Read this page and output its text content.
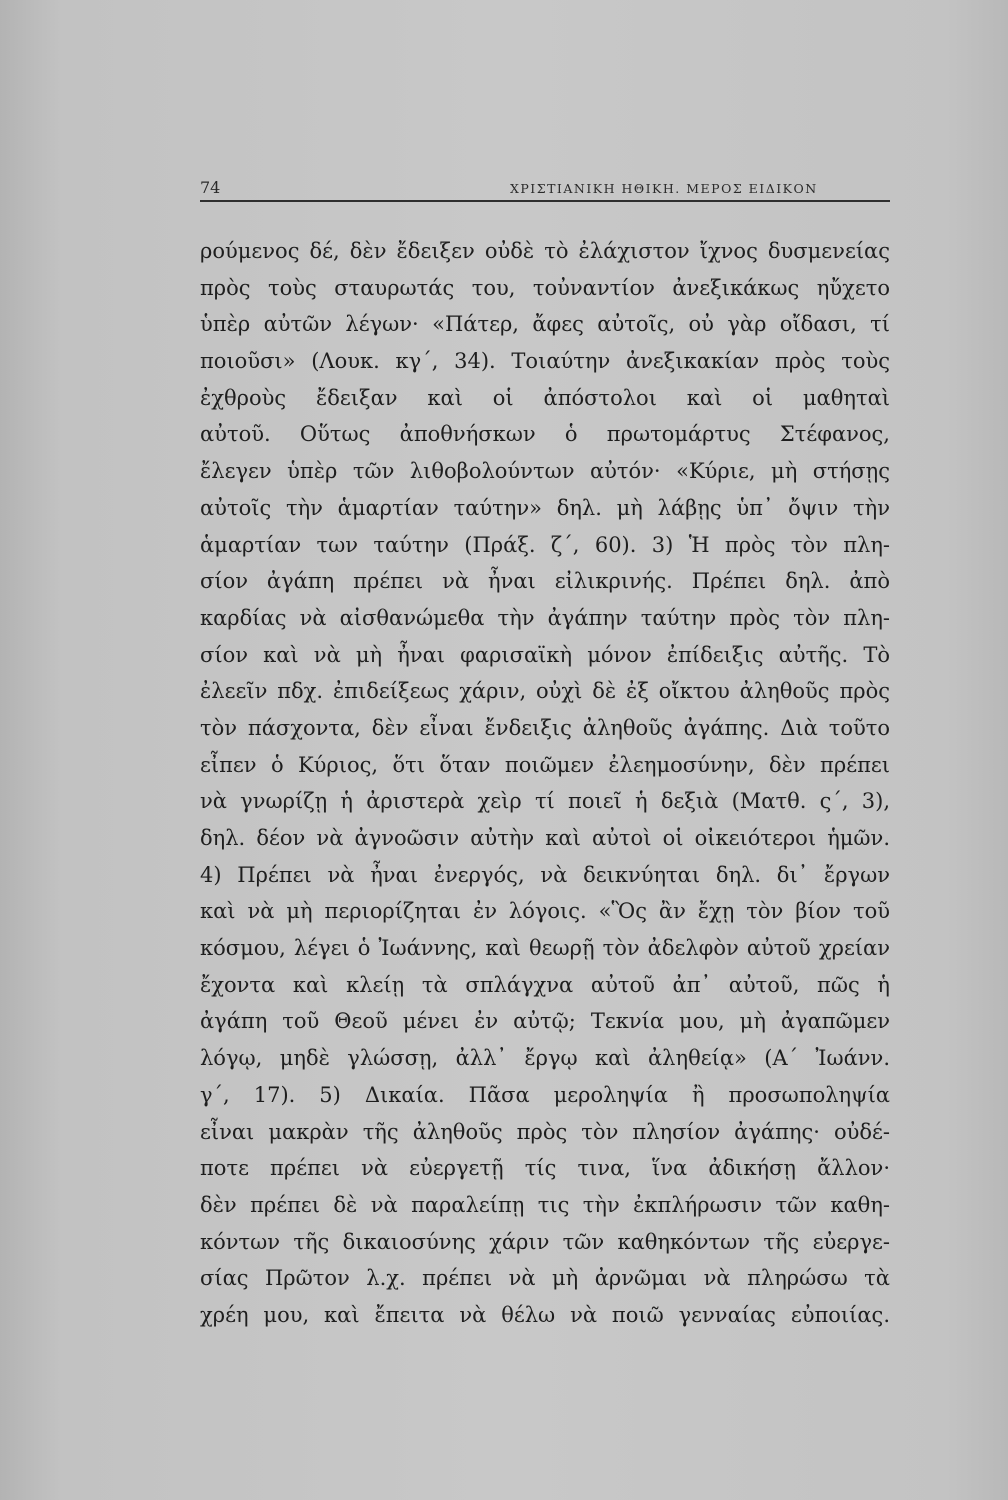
74	ΧΡΙΣΤΙΑΝΙΚΗ ΗΘΙΚΗ. ΜΕΡΟΣ ΕΙΔΙΚΟΝ
ρούμενος δέ, δὲν ἔδειξεν οὐδὲ τὸ ἐλάχιστον ἴχνος δυσμενείας
πρὸς τοὺς σταυρωτάς του, τοὐναντίον ἀνεξικάκως ηὔχετο
ὑπὲρ αὐτῶν λέγων· «Πάτερ, ἄφες αὐτοῖς, οὐ γὰρ οἴδασι, τί
ποιοῦσι» (Λουκ. κγ΄, 34). Τοιαύτην ἀνεξικακίαν πρὸς τοὺς
ἐχθροὺς ἔδειξαν καὶ οἱ ἀπόστολοι καὶ οἱ μαθηταὶ
αὐτοῦ. Οὕτως ἀποθνήσκων ὁ πρωτομάρτυς Στέφανος,
ἔλεγεν ὑπὲρ τῶν λιθοβολούντων αὐτόν· «Κύριε, μὴ στήσῃς
αὐτοῖς τὴν ἁμαρτίαν ταύτην» δηλ. μὴ λάβῃς ὑπ᾽ ὄψιν τὴν
ἁμαρτίαν των ταύτην (Πράξ. ζ΄, 60). 3) Ἡ πρὸς τὸν πλη-
σίον ἀγάπη πρέπει νὰ ἦναι εἰλικρινής. Πρέπει δηλ. ἀπὸ
καρδίας νὰ αἰσθανώμεθα τὴν ἀγάπην ταύτην πρὸς τὸν πλη-
σίον καὶ νὰ μὴ ἦναι φαρισαϊκὴ μόνον ἐπίδειξις αὐτῆς. Τὸ
ἐλεεῖν πδχ. ἐπιδείξεως χάριν, οὐχὶ δὲ ἐξ οἴκτου ἀληθοῦς πρὸς
τὸν πάσχοντα, δὲν εἶναι ἔνδειξις ἀληθοῦς ἀγάπης. Διὰ τοῦτο
εἶπεν ὁ Κύριος, ὅτι ὅταν ποιῶμεν ἐλεημοσύνην, δὲν πρέπει
νὰ γνωρίζῃ ἡ ἀριστερὰ χεὶρ τί ποιεῖ ἡ δεξιὰ (Ματθ. ς΄, 3),
δηλ. δέον νὰ ἀγνοῶσιν αὐτὴν καὶ αὐτοὶ οἱ οἰκειότεροι ἡμῶν.
4) Πρέπει νὰ ἦναι ἐνεργός, νὰ δεικνύηται δηλ. δι᾽ ἔργων
καὶ νὰ μὴ περιορίζηται ἐν λόγοις. «Ὃς ἂν ἔχῃ τὸν βίον τοῦ
κόσμου, λέγει ὁ Ἰωάννης, καὶ θεωρῇ τὸν ἀδελφὸν αὐτοῦ χρείαν
ἔχοντα καὶ κλείῃ τὰ σπλάγχνα αὐτοῦ ἀπ᾽ αὐτοῦ, πῶς ἡ
ἀγάπη τοῦ Θεοῦ μένει ἐν αὐτῷ; Τεκνία μου, μὴ ἀγαπῶμεν
λόγῳ, μηδὲ γλώσσῃ, ἀλλ᾽ ἔργῳ καὶ ἀληθείᾳ» (Α΄ Ἰωάνν.
γ΄, 17). 5) Δικαία. Πᾶσα μεροληψία ἢ προσωποληψία
εἶναι μακρὰν τῆς ἀληθοῦς πρὸς τὸν πλησίον ἀγάπης· οὐδέ-
ποτε πρέπει νὰ εὐεργετῇ τίς τινα, ἵνα ἀδικήσῃ ἄλλον·
δὲν πρέπει δὲ νὰ παραλείπῃ τις τὴν ἐκπλήρωσιν τῶν καθη-
κόντων τῆς δικαιοσύνης χάριν τῶν καθηκόντων τῆς εὐεργε-
σίας Πρῶτον λ.χ. πρέπει νὰ μὴ ἀρνῶμαι νὰ πληρώσω τὰ
χρέη μου, καὶ ἔπειτα νὰ θέλω νὰ ποιῶ γενναίας εὐποιίας.
